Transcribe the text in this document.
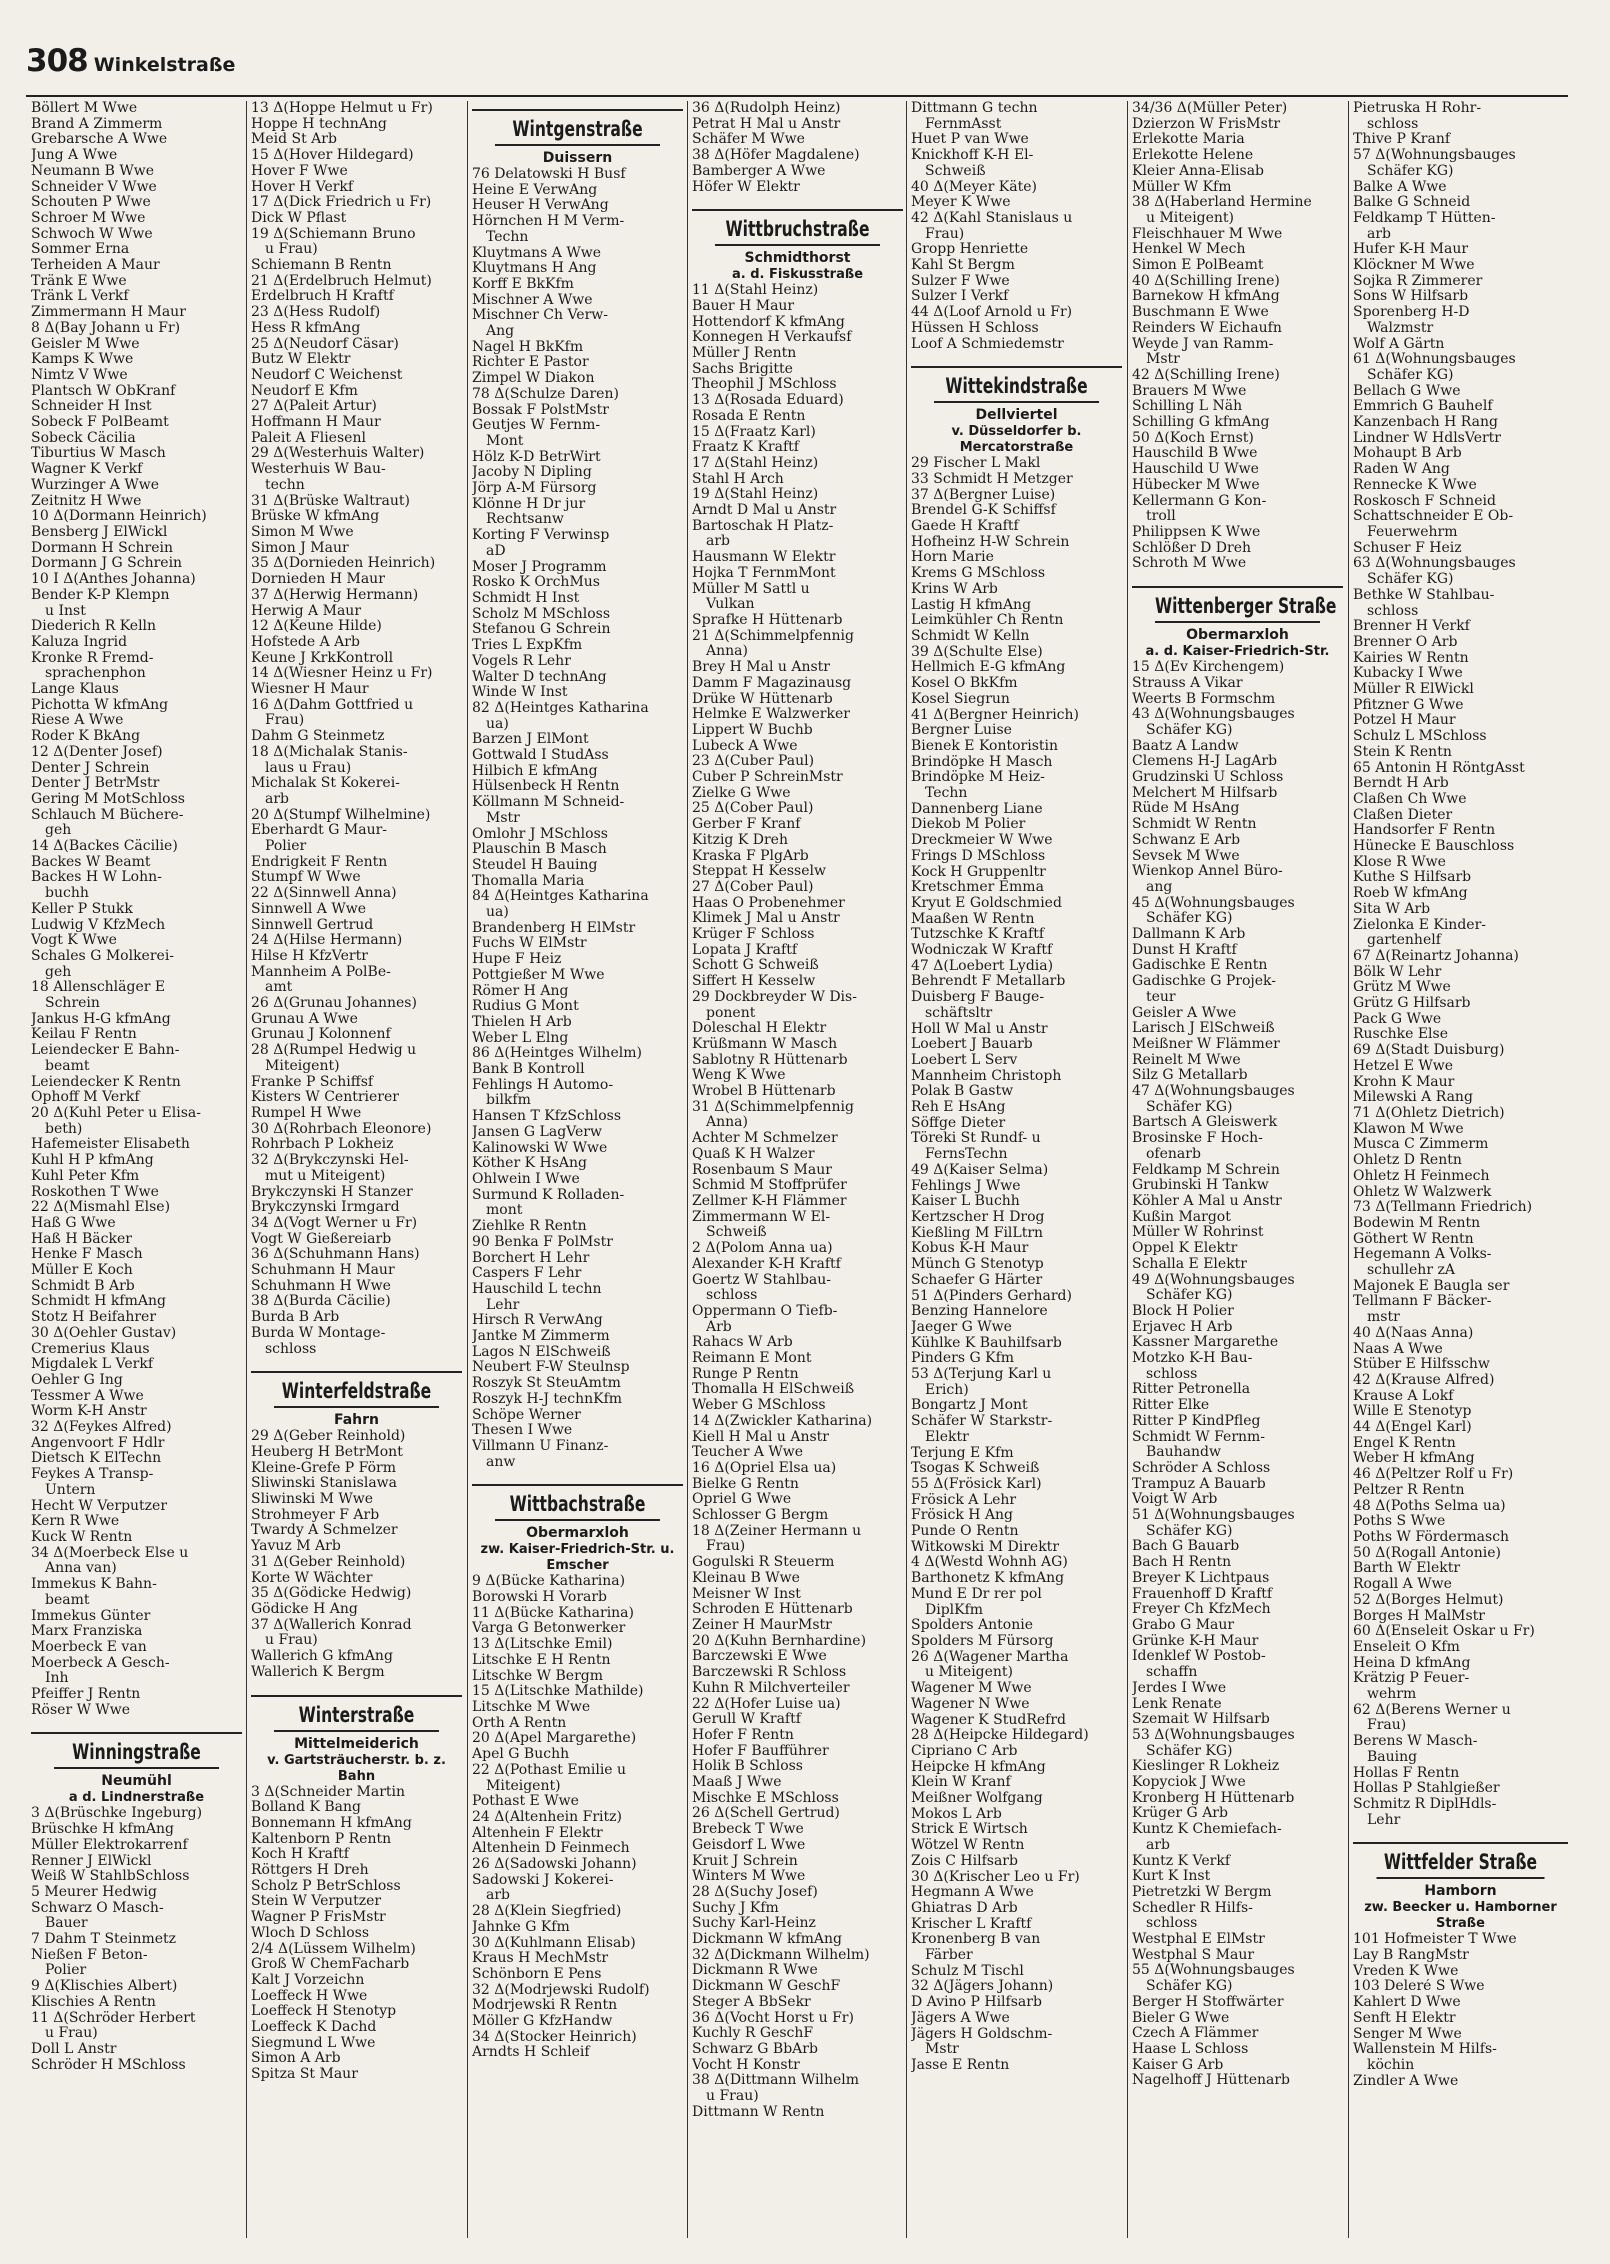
308 Winkelstraße
Böllert M Wwe
Brand A Zimmerm
Grebarsche A Wwe
Jung A Wwe
Neumann B Wwe
Schneider V Wwe
Schouten P Wwe
Schroer M Wwe
Schwoch W Wwe
Sommer Erna
Terheiden A Maur
Tränk E Wwe
Tränk L Verkf
Zimmermann H Maur
8 Δ(Bay Johann u Fr)
Geisler M Wwe
Kamps K Wwe
Nimtz V Wwe
Plantsch W ObKranf
Schneider H Inst
Sobeck F PolBeamt
Sobeck Cäcilia
Tiburtius W Masch
Wagner K Verkf
Wurzinger A Wwe
Zeitnitz H Wwe
10 Δ(Dormann Heinrich)
Bensberg J ElWickl
Dormann H Schrein
Dormann J G Schrein
10 I Δ(Anthes Johanna)
Bender K-P Klempn
u Inst
Diederich R Kelln
Kaluza Ingrid
Kronke R Fremd-
sprachenphon
Lange Klaus
Pichotta W kfmAng
Riese A Wwe
Roder K BkAng
12 Δ(Denter Josef)
Denter J Schrein
Denter J BetrMstr
Gering M MotSchloss
Schlauch M Büchere-
geh
14 Δ(Backes Cäcilie)
Backes W Beamt
Backes H W Lohn-
buchh
Keller P Stukk
Ludwig V KfzMech
Vogt K Wwe
Schales G Molkerei-
geh
18 Allenschläger E
Schrein
Jankus H-G kfmAng
Keilau F Rentn
Leiendecker E Bahn-
beamt
Leiendecker K Rentn
Ophoff M Verkf
20 Δ(Kuhl Peter u Elisa-
beth)
Hafemeister Elisabeth
Kuhl H P kfmAng
Kuhl Peter Kfm
Roskothen T Wwe
22 Δ(Mismahl Else)
Haß G Wwe
Haß H Bäcker
Henke F Masch
Müller E Koch
Schmidt B Arb
Schmidt H kfmAng
Stotz H Beifahrer
30 Δ(Oehler Gustav)
Cremerius Klaus
Migdalek L Verkf
Oehler G Ing
Tessmer A Wwe
Worm K-H Anstr
32 Δ(Feykes Alfred)
Angenvoort F Hdlr
Dietsch K ElTechn
Feykes A Transp-
Untern
Hecht W Verputzer
Kern R Wwe
Kuck W Rentn
34 Δ(Moerbeck Else u
Anna van)
Immekus K Bahn-
beamt
Immekus Günter
Marx Franziska
Moerbeck E van
Moerbeck A Gesch-
Inh
Pfeiffer J Rentn
Röser W Wwe
Winningstraße
Neumühl
a d. Lindnerstraße
3 Δ(Brüschke Ingeburg)
Brüschke H kfmAng
Müller Elektrokarrenf
Renner J ElWickl
Weiß W StahlbSchloss
5 Meurer Hedwig
Schwarz O Masch-
Bauer
7 Dahm T Steinmetz
Nießen F Beton-
Polier
9 Δ(Klischies Albert)
Klischies A Rentn
11 Δ(Schröder Herbert
u Frau)
Doll L Anstr
Schröder H MSchloss
13 Δ(Hoppe Helmut u Fr)
Hoppe H technAng
Meid St Arb
15 Δ(Hover Hildegard)
Hover F Wwe
Hover H Verkf
17 Δ(Dick Friedrich u Fr)
Dick W Pflast
19 Δ(Schiemann Bruno
u Frau)
Schiemann B Rentn
21 Δ(Erdelbruch Helmut)
Erdelbruch H Kraftf
23 Δ(Hess Rudolf)
Hess R kfmAng
25 Δ(Neudorf Cäsar)
Butz W Elektr
Neudorf C Weichenst
Neudorf E Kfm
27 Δ(Paleit Artur)
Hoffmann H Maur
Paleit A Fliesenl
29 Δ(Westerhuis Walter)
Westerhuis W Bau-
techn
31 Δ(Brüske Waltraut)
Brüske W kfmAng
Simon M Wwe
Simon J Maur
35 Δ(Dornieden Heinrich)
Dornieden H Maur
37 Δ(Herwig Hermann)
Herwig A Maur
12 Δ(Keune Hilde)
Hofstede A Arb
Keune J KrkKontroll
14 Δ(Wiesner Heinz u Fr)
Wiesner H Maur
16 Δ(Dahm Gottfried u
Frau)
Dahm G Steinmetz
18 Δ(Michalak Stanis-
laus u Frau)
Michalak St Kokerei-
arb
20 Δ(Stumpf Wilhelmine)
Eberhardt G Maur-
Polier
Endrigkeit F Rentn
Stumpf W Wwe
22 Δ(Sinnwell Anna)
Sinnwell A Wwe
Sinnwell Gertrud
24 Δ(Hilse Hermann)
Hilse H KfzVertr
Mannheim A PolBe-
amt
26 Δ(Grunau Johannes)
Grunau A Wwe
Grunau J Kolonnenf
28 Δ(Rumpel Hedwig u
Miteigent)
Franke P Schiffsf
Kisters W Centrierer
Rumpel H Wwe
30 Δ(Rohrbach Eleonore)
Rohrbach P Lokheiz
32 Δ(Brykczynski Hel-
mut u Miteigent)
Brykczynski H Stanzer
Brykczynski Irmgard
34 Δ(Vogt Werner u Fr)
Vogt W Gießereiarb
36 Δ(Schuhmann Hans)
Schuhmann H Maur
Schuhmann H Wwe
38 Δ(Burda Cäcilie)
Burda B Arb
Burda W Montage-
schloss
Winterfeldstraße
Fahrn
29 Δ(Geber Reinhold)
Heuberg H BetrMont
Kleine-Grefe P Förm
Sliwinski Stanislawa
Sliwinski M Wwe
Strohmeyer F Arb
Twardy A Schmelzer
Yavuz M Arb
31 Δ(Geber Reinhold)
Korte W Wächter
35 Δ(Gödicke Hedwig)
Gödicke H Ang
37 Δ(Wallerich Konrad
u Frau)
Wallerich G kfmAng
Wallerich K Bergm
Winterstraße
Mittelmeiderich
v. Gartsträucherstr. b. z. Bahn
3 Δ(Schneider Martin
Bolland K Bang
Bonnemann H kfmAng
Kaltenborn P Rentn
Koch H Kraftf
Röttgers H Dreh
Scholz P BetrSchloss
Stein W Verputzer
Wagner P FrisMstr
Wloch D Schloss
2/4 Δ(Lüssem Wilhelm)
Groß W ChemFacharb
Kalt J Vorzeichn
Loeffeck H Wwe
Loeffeck H Stenotyp
Loeffeck K Dachd
Siegmund L Wwe
Simon A Arb
Spitza St Maur
Wintgenstraße
Duissern
76 Delatowski H Busf
Heine E VerwAng
Heuser H VerwAng
Hörnchen H M Verm-
Techn
Kluytmans A Wwe
Kluytmans H Ang
Korff E BkKfm
Mischner A Wwe
Mischner Ch Verw-
Ang
Nagel H BkKfm
Richter E Pastor
Zimpel W Diakon
78 Δ(Schulze Daren)
Bossak F PolstMstr
Geutjes W Fernm-
Mont
Hölz K-D BetrWirt
Jacoby N Dipling
Jörp A-M Fürsorg
Klönne H Dr jur
Rechtsanw
Korting F Verwinsp
aD
Moser J Programm
Rosko K OrchMus
Schmidt H Inst
Scholz M MSchloss
Stefanou G Schrein
Tries L ExpKfm
Vogels R Lehr
Walter D technAng
Winde W Inst
82 Δ(Heintges Katharina
ua)
Barzen J ElMont
Gottwald I StudAss
Hilbich E kfmAng
Hülsenbeck H Rentn
Köllmann M Schneid-
Mstr
Omlohr J MSchloss
Plauschin B Masch
Steudel H Bauing
Thomalla Maria
84 Δ(Heintges Katharina
ua)
Brandenberg H ElMstr
Fuchs W ElMstr
Hupe F Heiz
Pottgießer M Wwe
Römer H Ang
Rudius G Mont
Thielen H Arb
Weber L Elng
86 Δ(Heintges Wilhelm)
Bank B Kontroll
Fehlings H Automo-
bilkfm
Hansen T KfzSchloss
Jansen G LagVerw
Kalinowski W Wwe
Köther K HsAng
Ohlwein I Wwe
Surmund K Rolladen-
mont
Ziehlke R Rentn
90 Benka F PolMstr
Borchert H Lehr
Caspers F Lehr
Hauschild L techn
Lehr
Hirsch R VerwAng
Jantke M Zimmerm
Lagos N ElSchweiß
Neubert F-W Steulnsp
Roszyk St SteuAmtm
Roszyk H-J technKfm
Schöpe Werner
Thesen I Wwe
Villmann U Finanz-
anw
Wittbachstraße
Obermarxloh
zw. Kaiser-Friedrich-Str. u. Emscher
9 Δ(Bücke Katharina)
Borowski H Vorarb
11 Δ(Bücke Katharina)
Varga G Betonwerker
13 Δ(Litschke Emil)
Litschke E H Rentn
Litschke W Bergm
15 Δ(Litschke Mathilde)
Litschke M Wwe
Orth A Rentn
20 Δ(Apel Margarethe)
Apel G Buchh
22 Δ(Pothast Emilie u
Miteigent)
Pothast E Wwe
24 Δ(Altenhein Fritz)
Altenhein F Elektr
Altenhein D Feinmech
26 Δ(Sadowski Johann)
Sadowski J Kokerei-
arb
28 Δ(Klein Siegfried)
Jahnke G Kfm
30 Δ(Kuhlmann Elisab)
Kraus H MechMstr
Schönborn E Pens
32 Δ(Modrjewski Rudolf)
Modrjewski R Rentn
Möller G KfzHandw
34 Δ(Stocker Heinrich)
Arndts H Schleif
36 Δ(Rudolph Heinz)
Petrat H Mal u Anstr
Schäfer M Wwe
38 Δ(Höfer Magdalene)
Bamberger A Wwe
Höfer W Elektr
Wittbruchstraße
Schmidthorst
a. d. Fiskusstraße
11 Δ(Stahl Heinz)
Bauer H Maur
Hottendorf K kfmAng
Konnegen H Verkaufsf
Müller J Rentn
Sachs Brigitte
Theophil J MSchloss
13 Δ(Rosada Eduard)
Rosada E Rentn
15 Δ(Fraatz Karl)
Fraatz K Kraftf
17 Δ(Stahl Heinz)
Stahl H Arch
19 Δ(Stahl Heinz)
Arndt D Mal u Anstr
Bartoschak H Platz-
arb
Hausmann W Elektr
Hojka T FernmMont
Müller M Sattl u
Vulkan
Sprafke H Hüttenarb
21 Δ(Schimmelpfennig
Anna)
Brey H Mal u Anstr
Damm F Magazinausg
Drüke W Hüttenarb
Helmke E Walzwerker
Lippert W Buchb
Lubeck A Wwe
23 Δ(Cuber Paul)
Cuber P SchreinMstr
Zielke G Wwe
25 Δ(Cober Paul)
Gerber F Kranf
Kitzig K Dreh
Kraska F PlgArb
Steppat H Kesselw
27 Δ(Cober Paul)
Haas O Probenehmer
Klimek J Mal u Anstr
Krüger F Schloss
Lopata J Kraftf
Schott G Schweiß
Siffert H Kesselw
29 Dockbreyder W Dis-
ponent
Doleschal H Elektr
Krüßmann W Masch
Sablotny R Hüttenarb
Weng K Wwe
Wrobel B Hüttenarb
31 Δ(Schimmelpfennig
Anna)
Achter M Schmelzer
Quaß K H Walzer
Rosenbaum S Maur
Schmid M Stoffprüfer
Zellmer K-H Flämmer
Zimmermann W El-
Schweiß
2 Δ(Polom Anna ua)
Alexander K-H Kraftf
Goertz W Stahlbau-
schloss
Oppermann O Tiefb-
Arb
Rahacs W Arb
Reimann E Mont
Runge P Rentn
Thomalla H ElSchweiß
Weber G MSchloss
14 Δ(Zwickler Katharina)
Kiell H Mal u Anstr
Teucher A Wwe
16 Δ(Opriel Elsa ua)
Bielke G Rentn
Opriel G Wwe
Schlosser G Bergm
18 Δ(Zeiner Hermann u
Frau)
Gogulski R Steuerm
Kleinau B Wwe
Meisner W Inst
Schroden E Hüttenarb
Zeiner H MaurMstr
20 Δ(Kuhn Bernhardine)
Barczewski E Wwe
Barczewski R Schloss
Kuhn R Milchverteiler
22 Δ(Hofer Luise ua)
Gerull W Kraftf
Hofer F Rentn
Hofer F Baufführer
Holik B Schloss
Maaß J Wwe
Mischke E MSchloss
26 Δ(Schell Gertrud)
Brebeck T Wwe
Geisdorf L Wwe
Kruit J Schrein
Winters M Wwe
28 Δ(Suchy Josef)
Suchy J Kfm
Suchy Karl-Heinz
Dickmann W kfmAng
32 Δ(Dickmann Wilhelm)
Dickmann R Wwe
Dickmann W GeschF
Steger A BbSekr
36 Δ(Vocht Horst u Fr)
Kuchly R GeschF
Schwarz G BbArb
Vocht H Konstr
38 Δ(Dittmann Wilhelm
u Frau)
Dittmann W Rentn
Dittmann G techn
FernmAsst
Huet P van Wwe
Knickhoff K-H El-
Schweiß
40 Δ(Meyer Käte)
Meyer K Wwe
42 Δ(Kahl Stanislaus u
Frau)
Gropp Henriette
Kahl St Bergm
Sulzer F Wwe
Sulzer I Verkf
44 Δ(Loof Arnold u Fr)
Hüssen H Schloss
Loof A Schmiedemstr
Wittekindstraße
Dellviertel
v. Düsseldorfer b. Mercatorstraße
29 Fischer L Makl
33 Schmidt H Metzger
37 Δ(Bergner Luise)
Brendel G-K Schiffsf
Gaede H Kraftf
Hofheinz H-W Schrein
Horn Marie
Krems G MSchloss
Krins W Arb
Lastig H kfmAng
Leimkühler Ch Rentn
Schmidt W Kelln
39 Δ(Schulte Else)
Hellmich E-G kfmAng
Kosel O BkKfm
Kosel Siegrun
41 Δ(Bergner Heinrich)
Bergner Luise
Bienek E Kontoristin
Brindöpke H Masch
Brindöpke M Heiz-
Techn
Dannenberg Liane
Diekob M Polier
Dreckmeier W Wwe
Frings D MSchloss
Kock H Gruppenltr
Kretschmer Emma
Kryut E Goldschmied
Maaßen W Rentn
Tutzschke K Kraftf
Wodniczak W Kraftf
47 Δ(Loebert Lydia)
Behrendt F Metallarb
Duisberg F Bauge-
schäftsltr
Holl W Mal u Anstr
Loebert J Bauarb
Loebert L Serv
Mannheim Christoph
Polak B Gastw
Reh E HsAng
Söffge Dieter
Töreki St Rundf- u
FernsTechn
49 Δ(Kaiser Selma)
Fehlings J Wwe
Kaiser L Buchh
Kertzscher H Drog
Kießling M FilLtrn
Kobus K-H Maur
Münch G Stenotyp
Schaefer G Härter
51 Δ(Pinders Gerhard)
Benzing Hannelore
Jaeger G Wwe
Kühlke K Bauhilfsarb
Pinders G Kfm
53 Δ(Terjung Karl u
Erich)
Bongartz J Mont
Schäfer W Starkstr-
Elektr
Terjung E Kfm
Tsogas K Schweiß
55 Δ(Frösick Karl)
Frösick A Lehr
Frösick H Ang
Punde O Rentn
Witkowski M Direktr
4 Δ(Westd Wohnh AG)
Barthonetz K kfmAng
Mund E Dr rer pol
DiplKfm
Spolders Antonie
Spolders M Fürsorg
26 Δ(Wagener Martha
u Miteigent)
Wagener M Wwe
Wagener N Wwe
Wagener K StudRefrd
28 Δ(Heipcke Hildegard)
Cipriano C Arb
Heipcke H kfmAng
Klein W Kranf
Meißner Wolfgang
Mokos L Arb
Strick E Wirtsch
Wötzel W Rentn
Zois C Hilfsarb
30 Δ(Krischer Leo u Fr)
Hegmann A Wwe
Ghiatras D Arb
Krischer L Kraftf
Kronenberg B van
Färber
Schulz M Tischl
32 Δ(Jägers Johann)
D Avino P Hilfsarb
Jägers A Wwe
Jägers H Goldschm-
Mstr
Jasse E Rentn
34/36 Δ(Müller Peter)
Dzierzon W FrisMstr
Erlekotte Maria
Erlekotte Helene
Kleier Anna-Elisab
Müller W Kfm
38 Δ(Haberland Hermine
u Miteigent)
Fleischhauer M Wwe
Henkel W Mech
Simon E PolBeamt
40 Δ(Schilling Irene)
Barnekow H kfmAng
Buschmann E Wwe
Reinders W Eichaufn
Weyde J van Ramm-
Mstr
42 Δ(Schilling Irene)
Brauers M Wwe
Schilling L Näh
Schilling G kfmAng
50 Δ(Koch Ernst)
Hauschild B Wwe
Hauschild U Wwe
Hübecker M Wwe
Kellermann G Kon-
troll
Philippsen K Wwe
Schlößer D Dreh
Schroth M Wwe
Wittenberger Straße
Obermarxloh
a. d. Kaiser-Friedrich-Str.
15 Δ(Ev Kirchengem)
Strauss A Vikar
Weerts B Formschm
43 Δ(Wohnungsbauges
Schäfer KG)
Baatz A Landw
Clemens H-J LagArb
Grudzinski U Schloss
Melchert M Hilfsarb
Rüde M HsAng
Schmidt W Rentn
Schwanz E Arb
Sevsek M Wwe
Wienkop Annel Büro-
ang
45 Δ(Wohnungsbauges
Schäfer KG)
Dallmann K Arb
Dunst H Kraftf
Gadischke E Rentn
Gadischke G Projek-
teur
Geisler A Wwe
Larisch J ElSchweiß
Meißner W Flämmer
Reinelt M Wwe
Silz G Metallarb
47 Δ(Wohnungsbauges
Schäfer KG)
Bartsch A Gleiswerk
Brosinske F Hoch-
ofenarb
Feldkamp M Schrein
Grubinski H Tankw
Köhler A Mal u Anstr
Kußin Margot
Müller W Rohrinst
Oppel K Elektr
Schalla E Elektr
49 Δ(Wohnungsbauges
Schäfer KG)
Block H Polier
Erjavec H Arb
Kassner Margarethe
Motzko K-H Bau-
schloss
Ritter Petronella
Ritter Elke
Ritter P KindPfleg
Schmidt W Fernm-
Bauhandw
Schröder A Schloss
Trampuz A Bauarb
Voigt W Arb
51 Δ(Wohnungsbauges
Schäfer KG)
Bach G Bauarb
Bach H Rentn
Breyer K Lichtpaus
Frauenhoff D Kraftf
Freyer Ch KfzMech
Grabo G Maur
Grünke K-H Maur
Idenklef W Postob-
schaffn
Jerdes I Wwe
Lenk Renate
Szemait W Hilfsarb
53 Δ(Wohnungsbauges
Schäfer KG)
Kieslinger R Lokheiz
Kopyciok J Wwe
Kronberg H Hüttenarb
Krüger G Arb
Kuntz K Chemiefach-
arb
Kuntz K Verkf
Kurt K Inst
Pietretzki W Bergm
Schedler R Hilfs-
schloss
Westphal E ElMstr
Westphal S Maur
55 Δ(Wohnungsbauges
Schäfer KG)
Berger H Stoffwärter
Bieler G Wwe
Czech A Flämmer
Haase L Schloss
Kaiser G Arb
Nagelhoff J Hüttenarb
Pietruska H Rohr-
schloss
Thive P Kranf
57 Δ(Wohnungsbauges
Schäfer KG)
Balke A Wwe
Balke G Schneid
Feldkamp T Hütten-
arb
Hufer K-H Maur
Klöckner M Wwe
Sojka R Zimmerer
Sons W Hilfsarb
Sporenberg H-D
Walzmstr
Wolf A Gärtn
61 Δ(Wohnungsbauges
Schäfer KG)
Bellach G Wwe
Emmrich G Bauhelf
Kanzenbach H Rang
Lindner W HdlsVertr
Mohaupt B Arb
Raden W Ang
Renneckе K Wwe
Roskosch F Schneid
Schattschneider E Ob-
Feuerwehrm
Schuser F Heiz
63 Δ(Wohnungsbauges
Schäfer KG)
Bethke W Stahlbau-
schloss
Brenner H Verkf
Brenner O Arb
Kairies W Rentn
Kubacky I Wwe
Müller R ElWickl
Pfitzner G Wwe
Potzel H Maur
Schulz L MSchloss
Stein K Rentn
65 Antonin H RöntgAsst
Berndt H Arb
Claßen Ch Wwe
Claßen Dieter
Handsorfer F Rentn
Hünecke E Bauschloss
Klose R Wwe
Kuthe S Hilfsarb
Roeb W kfmAng
Sita W Arb
Zielonka E Kinder-
gartenhelf
67 Δ(Reinartz Johanna)
Bölk W Lehr
Grütz M Wwe
Grütz G Hilfsarb
Pack G Wwe
Ruschke Else
69 Δ(Stadt Duisburg)
Hetzel E Wwe
Krohn K Maur
Milewski A Rang
71 Δ(Ohletz Dietrich)
Klawon M Wwe
Musca C Zimmerm
Ohletz D Rentn
Ohletz H Feinmech
Ohletz W Walzwerk
73 Δ(Tellmann Friedrich)
Bodewin M Rentn
Göthert W Rentn
Hegemann A Volks-
schullehr zA
Majonek E Baugla ser
Tellmann F Bäcker-
mstr
40 Δ(Naas Anna)
Naas A Wwe
Stüber E Hilfsschw
42 Δ(Krause Alfred)
Krause A Lokf
Wille E Stenotyp
44 Δ(Engel Karl)
Engel K Rentn
Weber H kfmAng
46 Δ(Peltzer Rolf u Fr)
Peltzer R Rentn
48 Δ(Poths Selma ua)
Poths S Wwe
Poths W Fördermasch
50 Δ(Rogall Antonie)
Barth W Elektr
Rogall A Wwe
52 Δ(Borges Helmut)
Borges H MalMstr
60 Δ(Enseleit Oskar u Fr)
Enseleit O Kfm
Heina D kfmAng
Krätzig P Feuer-
wehrm
62 Δ(Berens Werner u
Frau)
Berens W Masch-
Bauing
Hollas F Rentn
Hollas P Stahlgießer
Schmitz R DiplHdls-
Lehr
Wittfelder Straße
Hamborn
zw. Beecker u. Hamborner Straße
101 Hofmeister T Wwe
Lay B RangMstr
Vreden K Wwe
103 Deleré S Wwe
Kahlert D Wwe
Senft H Elektr
Senger M Wwe
Wallenstein M Hilfs-
köchin
Zindler A Wwe
